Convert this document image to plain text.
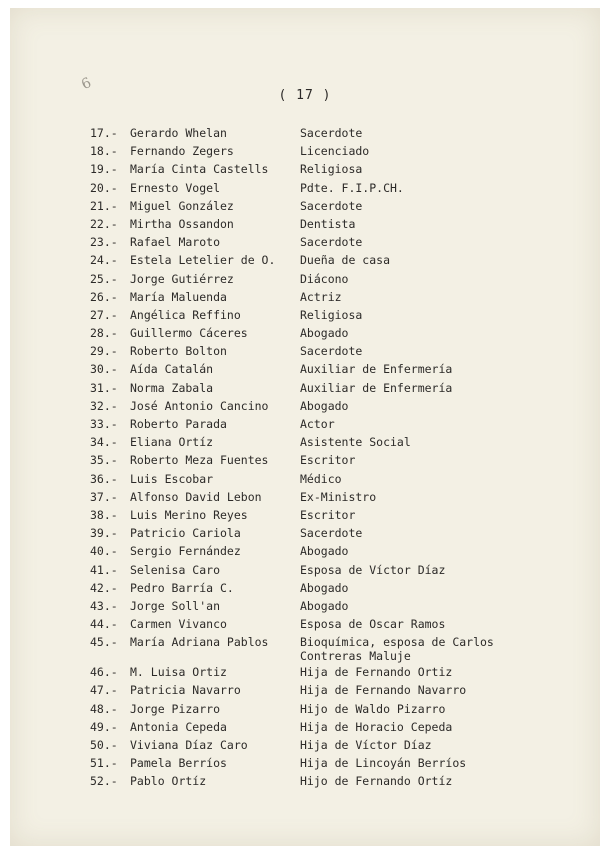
6
( 17 )
17.-	Gerardo Whelan	Sacerdote
18.-	Fernando Zegers	Licenciado
19.-	María Cinta Castells	Religiosa
20.-	Ernesto Vogel	Pdte. F.I.P.CH.
21.-	Miguel González	Sacerdote
22.-	Mirtha Ossandon	Dentista
23.-	Rafael Maroto	Sacerdote
24.-	Estela Letelier de O.	Dueña de casa
25.-	Jorge Gutiérrez	Diácono
26.-	María Maluenda	Actriz
27.-	Angélica Reffino	Religiosa
28.-	Guillermo Cáceres	Abogado
29.-	Roberto Bolton	Sacerdote
30.-	Aída Catalán	Auxiliar de Enfermería
31.-	Norma Zabala	Auxiliar de Enfermería
32.-	José Antonio Cancino	Abogado
33.-	Roberto Parada	Actor
34.-	Eliana Ortíz	Asistente Social
35.-	Roberto Meza Fuentes	Escritor
36.-	Luis Escobar	Médico
37.-	Alfonso David Lebon	Ex-Ministro
38.-	Luis Merino Reyes	Escritor
39.-	Patricio Cariola	Sacerdote
40.-	Sergio Fernández	Abogado
41.-	Selenisa Caro	Esposa de Víctor Díaz
42.-	Pedro Barría C.	Abogado
43.-	Jorge Soll'an	Abogado
44.-	Carmen Vivanco	Esposa de Oscar Ramos
45.-	María Adriana Pablos	Bioquímica, esposa de Carlos
Contreras Maluje
46.-	M. Luisa Ortiz	Hija de Fernando Ortiz
47.-	Patricia Navarro	Hija de Fernando Navarro
48.-	Jorge Pizarro	Hijo de Waldo Pizarro
49.-	Antonia Cepeda	Hija de Horacio Cepeda
50.-	Viviana Díaz Caro	Hija de Víctor Díaz
51.-	Pamela Berríos	Hija de Lincoyán Berríos
52.-	Pablo Ortíz	Hijo de Fernando Ortíz
